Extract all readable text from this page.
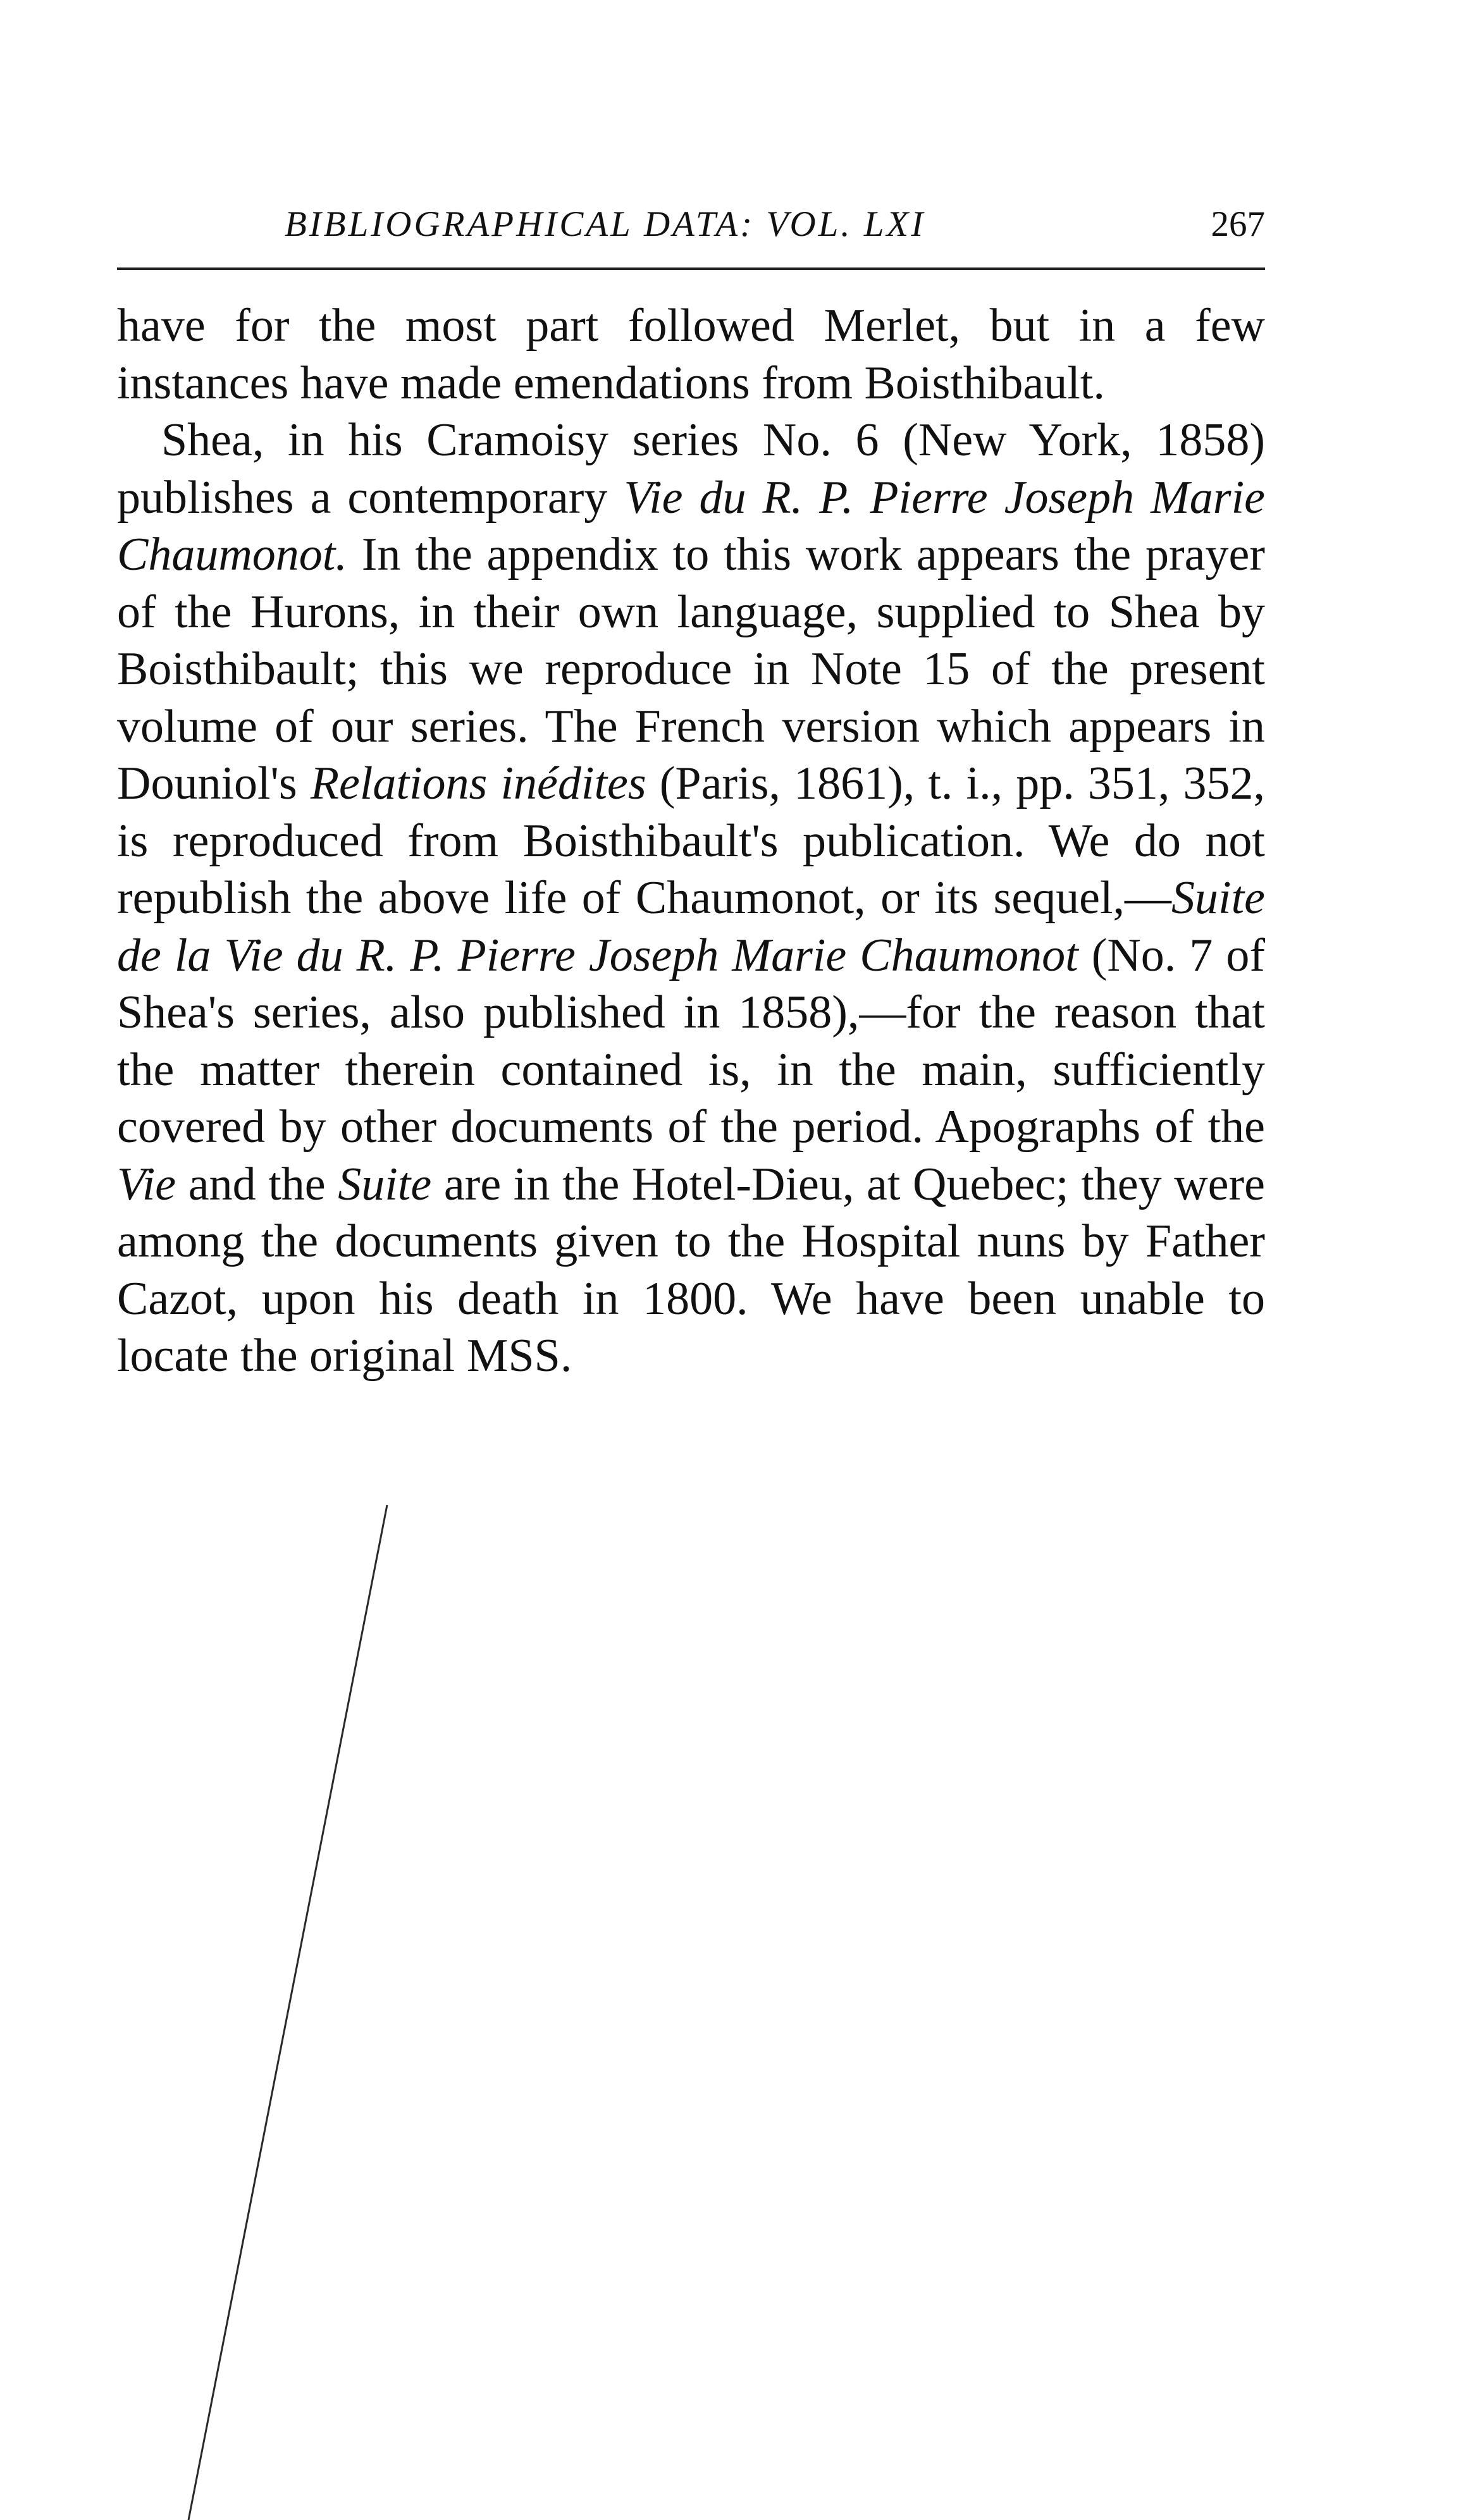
BIBLIOGRAPHICAL DATA: VOL. LXI	267

have for the most part followed Merlet, but in a few instances have made emendations from Boisthibault.

Shea, in his Cramoisy series No. 6 (New York, 1858) publishes a contemporary Vie du R. P. Pierre Joseph Marie Chaumonot. In the appendix to this work appears the prayer of the Hurons, in their own language, supplied to Shea by Boisthibault; this we reproduce in Note 15 of the present volume of our series. The French version which appears in Douniol's Relations inédites (Paris, 1861), t. i., pp. 351, 352, is reproduced from Boisthibault's publication. We do not republish the above life of Chaumonot, or its sequel,—Suite de la Vie du R. P. Pierre Joseph Marie Chaumonot (No. 7 of Shea's series, also published in 1858),—for the reason that the matter therein contained is, in the main, sufficiently covered by other documents of the period. Apographs of the Vie and the Suite are in the Hotel-Dieu, at Quebec; they were among the documents given to the Hospital nuns by Father Cazot, upon his death in 1800. We have been unable to locate the original MSS.
